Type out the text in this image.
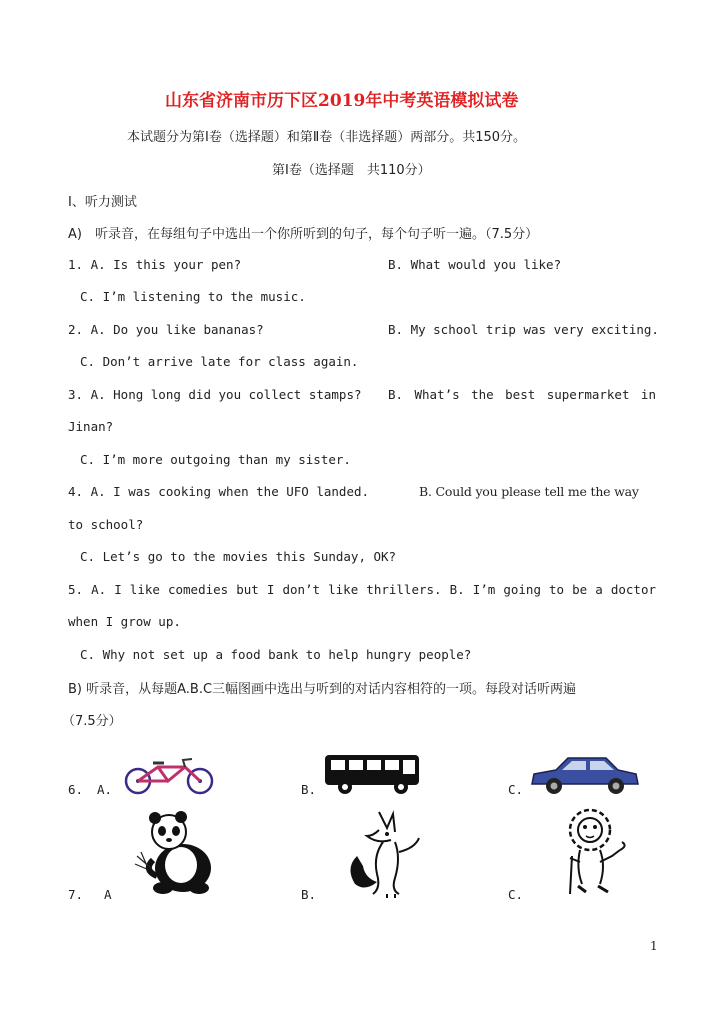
山东省济南市历下区2019年中考英语模拟试卷
本试题分为第Ⅰ卷（选择题）和第Ⅱ卷（非选择题）两部分。共150分。
第Ⅰ卷（选择题　共110分）
Ⅰ、听力测试
A)　听录音，在每组句子中选出一个你所听到的句子，每个句子听一遍。（7.5分）
1. A. Is this your pen?	B. What would you like?
C. I’m listening to the music.
2. A. Do you like bananas?	B. My school trip was very exciting.
C. Don’t arrive late for class again.
3. A. Hong long did you collect stamps? B. What’s the best supermarket in
Jinan?
C. I’m more outgoing than my sister.
4. A. I was cooking when the UFO landed.	B. Could you please tell me the way
to school?
C. Let’s go to the movies this Sunday, OK?
5. A. I like comedies but I don’t like thrillers. B. I’m going to be a doctor
when I grow up.
C. Why not set up a food bank to help hungry people?
B) 听录音，从每题A.B.C三幅图画中选出与听到的对话内容相符的一项。每段对话听两遍
（7.5分）
6. A.	B.	C.
7. A	B.	C.
1
